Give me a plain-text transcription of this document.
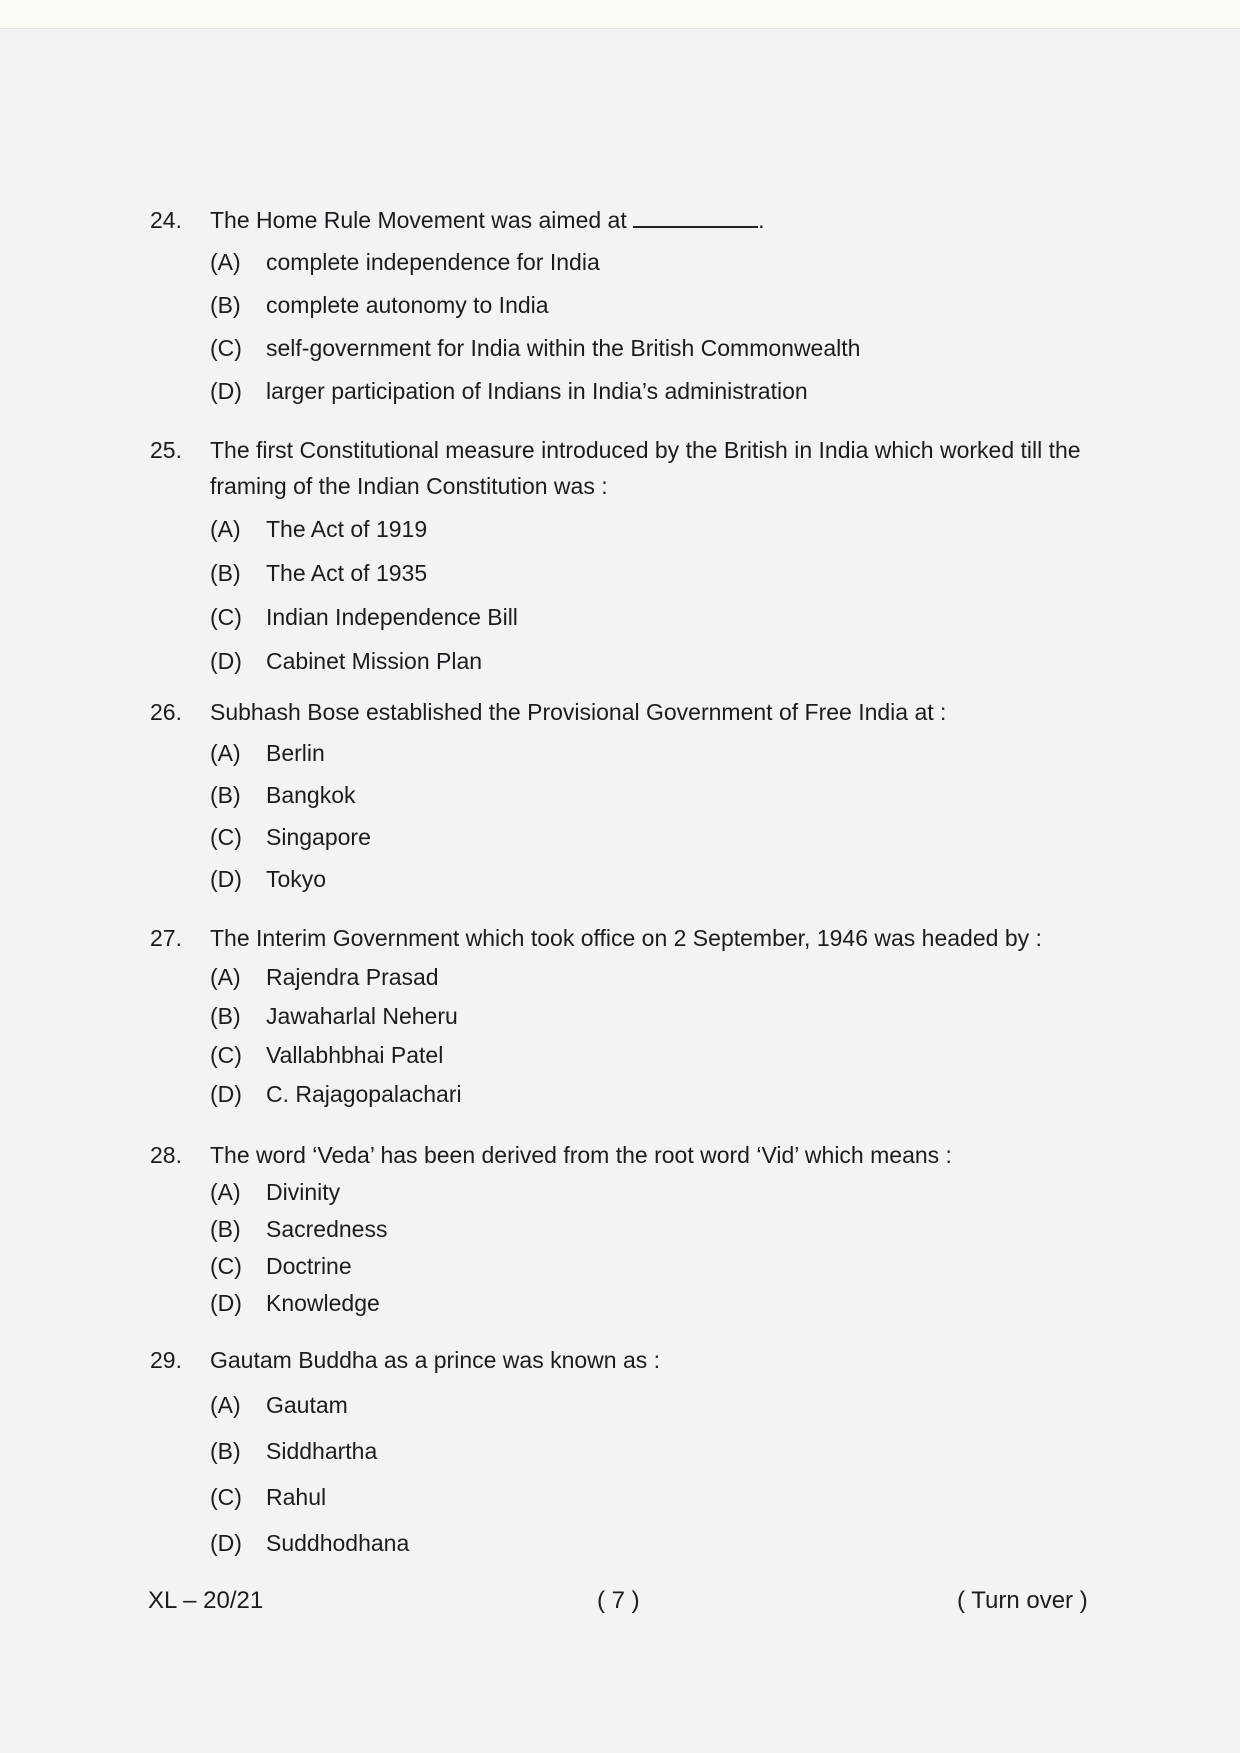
24.	The Home Rule Movement was aimed at	.
(A)	complete independence for India
(B)	complete autonomy to India
(C)	self-government for India within the British Commonwealth
(D)	larger participation of Indians in India’s administration
25.	The first Constitutional measure introduced by the British in India which worked till the framing of the Indian Constitution was :
(A)	The Act of 1919
(B)	The Act of 1935
(C)	Indian Independence Bill
(D)	Cabinet Mission Plan
26.	Subhash Bose established the Provisional Government of Free India at :
(A)	Berlin
(B)	Bangkok
(C)	Singapore
(D)	Tokyo
27.	The Interim Government which took office on 2 September, 1946 was headed by :
(A)	Rajendra Prasad
(B)	Jawaharlal Neheru
(C)	Vallabhbhai Patel
(D)	C. Rajagopalachari
28.	The word ‘Veda’ has been derived from the root word ‘Vid’ which means :
(A)	Divinity
(B)	Sacredness
(C)	Doctrine
(D)	Knowledge
29.	Gautam Buddha as a prince was known as :
(A)	Gautam
(B)	Siddhartha
(C)	Rahul
(D)	Suddhodhana
XL – 20/21	( 7 )	( Turn over )
